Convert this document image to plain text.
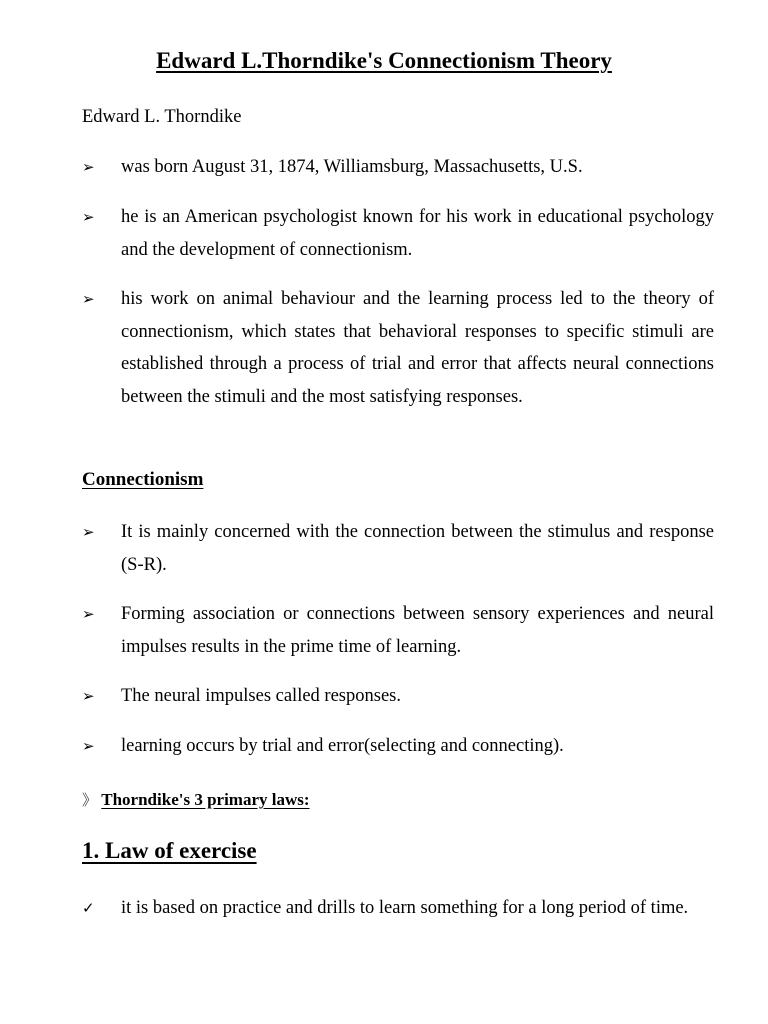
Edward L.Thorndike's Connectionism Theory
Edward L. Thorndike
➢	was born August 31, 1874, Williamsburg, Massachusetts, U.S.
➢	he is an American psychologist known for his work in educational psychology and the development of connectionism.
➢	his work on animal behaviour and the learning process led to the theory of connectionism, which states that behavioral responses to specific stimuli are established through a process of trial and error that affects neural connections between the stimuli and the most satisfying responses.
Connectionism
➢	It is mainly concerned with the connection between the stimulus and response (S-R).
➢	Forming association or connections between sensory experiences and neural impulses results in the prime time of learning.
➢	The neural impulses called responses.
➢	learning occurs by trial and error(selecting and connecting).
》 Thorndike's 3 primary laws:
1. Law of exercise
✓	it is based on practice and drills to learn something for a long period of time.
